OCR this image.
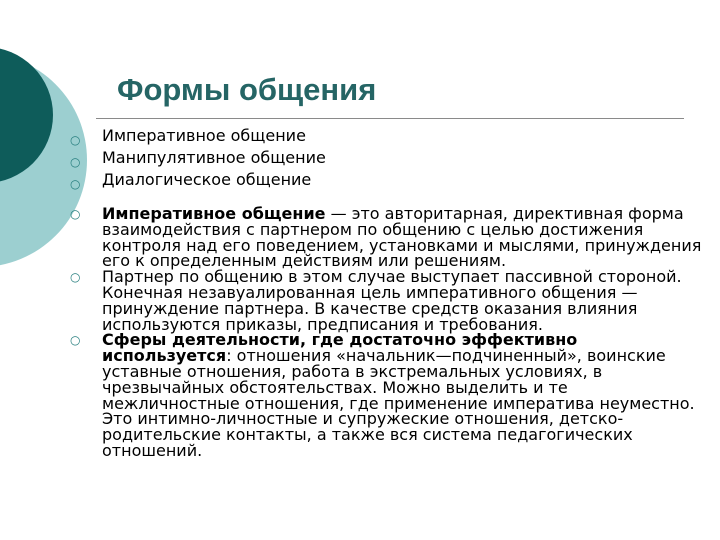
Формы общения
○ Императивное общение
○ Манипулятивное общение
○ Диалогическое общение
○ Императивное общение — это авторитарная, директивная форма взаимодействия с партнером по общению с целью достижения контроля над его поведением, установками и мыслями, принуждения его к определенным действиям или решениям.
○ Партнер по общению в этом случае выступает пассивной стороной. Конечная незавуалированная цель императивного общения — принуждение партнера. В качестве средств оказания влияния используются приказы, предписания и требования.
○ Сферы деятельности, где достаточно эффективно используется: отношения «начальник—подчиненный», воинские уставные отношения, работа в экстремальных условиях, в чрезвычайных обстоятельствах. Можно выделить и те межличностные отношения, где применение императива неуместно. Это интимно-личностные и супружеские отношения, детско-родительские контакты, а также вся система педагогических отношений.
